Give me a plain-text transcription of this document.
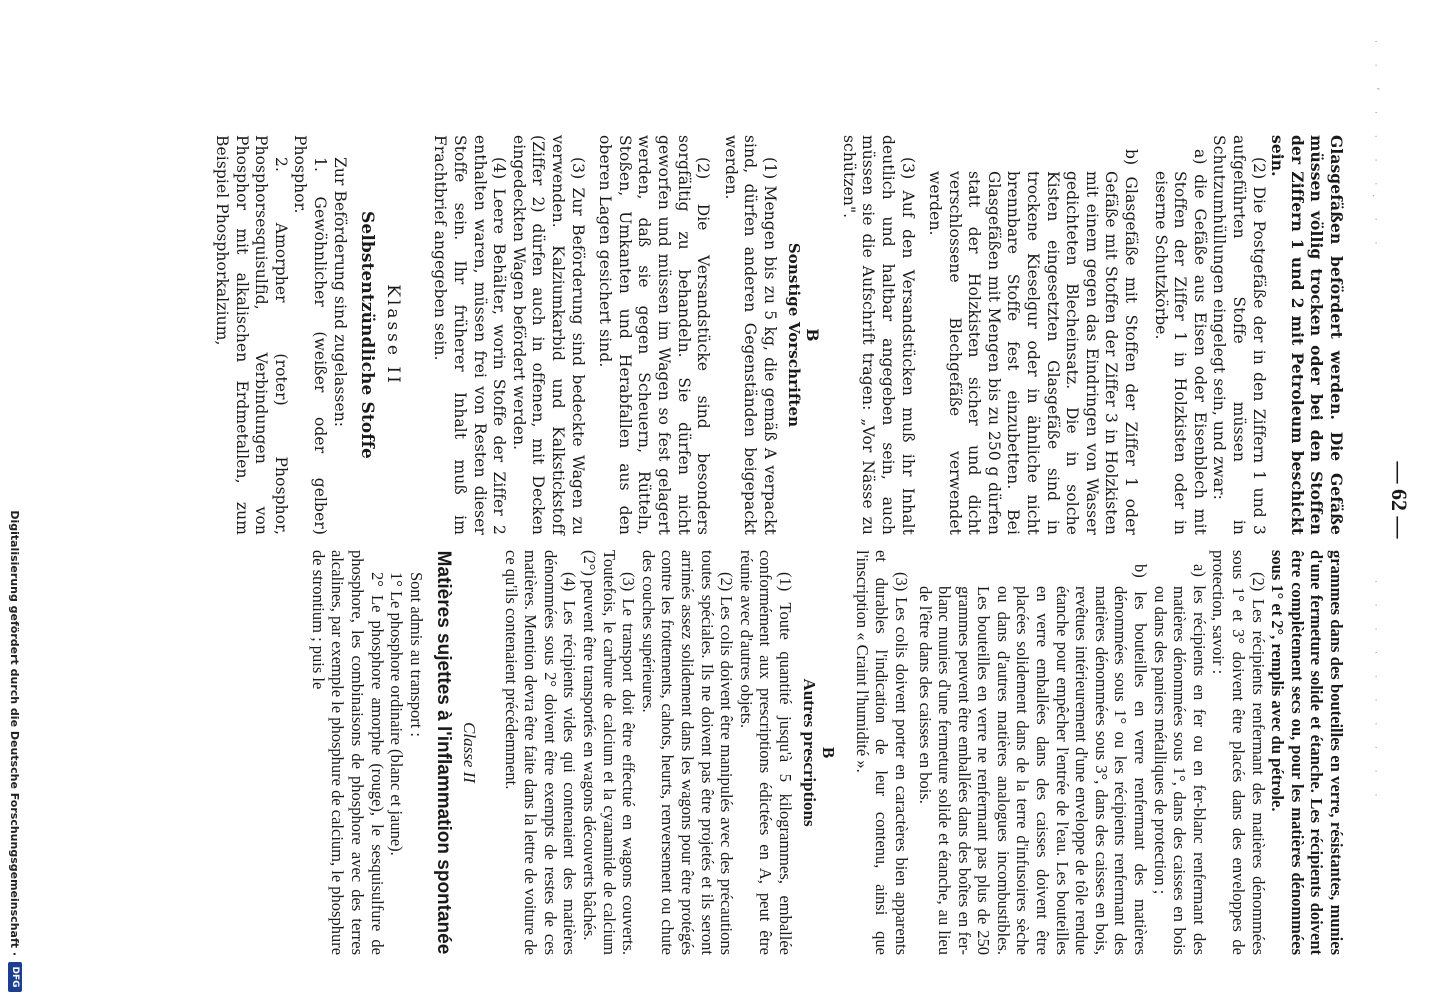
· · ‘ · · · ·. · ·
· · · · · · · · · ·
— 62 —

Glasgefäßen befördert werden. Die Gefäße müssen völlig trocken oder bei den Stoffen der Ziffern 1 und 2 mit Petroleum beschickt sein.

(2) Die Postgefäße der in den Ziffern 1 und 3 aufgeführten Stoffe müssen in Schutzumhüllungen eingelegt sein, und zwar:

a) die Gefäße aus Eisen oder Eisenblech mit Stoffen der Ziffer 1 in Holzkisten oder in eiserne Schutzkörbe.

b) Glasgefäße mit Stoffen der Ziffer 1 oder Gefäße mit Stoffen der Ziffer 3 in Holzkisten mit einem gegen das Eindringen von Wasser gedichteten Blecheinsatz. Die in solche Kisten eingesetzten Glasgefäße sind in trockene Kieselgur oder in ähnliche nicht brennbare Stoffe fest einzubetten. Bei Glasgefäßen mit Mengen bis zu 250 g dürfen statt der Holzkisten sicher und dicht verschlossene Blechgefäße verwendet werden.

(3) Auf den Versandstücken muß ihr Inhalt deutlich und haltbar angegeben sein, auch müssen sie die Aufschrift tragen: „Vor Nässe zu schützen".

B
Sonstige Vorschriften

(1) Mengen bis zu 5 kg, die gemäß A verpackt sind, dürfen anderen Gegenständen beigepackt werden.

(2) Die Versandstücke sind besonders sorgfältig zu behandeln. Sie dürfen nicht geworfen und müssen im Wagen so fest gelagert werden, daß sie gegen Scheuern, Rütteln, Stoßen, Umkanten und Herabfallen aus den oberen Lagen gesichert sind.

(3) Zur Beförderung sind bedeckte Wagen zu verwenden. Kalziumkarbid und Kalkstickstoff (Ziffer 2) dürfen auch in offenen, mit Decken eingedeckten Wagen befördert werden.

(4) Leere Behälter, worin Stoffe der Ziffer 2 enthalten waren, müssen frei von Resten dieser Stoffe sein. Ihr früherer Inhalt muß im Frachtbrief angegeben sein.

Klasse II
Selbstentzündliche Stoffe

Zur Beförderung sind zugelassen:

1. Gewöhnlicher (weißer oder gelber) Phosphor.

2. Amorpher (roter) Phosphor, Phosphorsesquisulfid, Verbindungen von Phosphor mit alkalischen Erdmetallen, zum Beispiel Phosphorkalzium,

grammes dans des bouteilles en verre, résistantes, munies d'une fermeture solide et étanche. Les récipients doivent être complètement secs ou, pour les matières dénommées sous 1° et 2°, remplis avec du pétrole.

(2) Les récipients renfermant des matières dénommées sous 1° et 3° doivent être placés dans des enveloppes de protection, savoir :

a) les récipients en fer ou en fer-blanc renfermant des matières dénommées sous 1°, dans des caisses en bois ou dans des paniers métalliques de protection ;

b) les bouteilles en verre renfermant des matières dénommées sous 1° ou les récipients renfermant des matières dénommées sous 3°, dans des caisses en bois, revêtues intérieurement d'une enveloppe de tôle rendue étanche pour empêcher l'entrée de l'eau. Les bouteilles en verre emballées dans des caisses doivent être placées solidement dans de la terre d'infusoires sèche ou dans d'autres matières analogues incombustibles. Les bouteilles en verre ne renfermant pas plus de 250 grammes peuvent être emballées dans des boîtes en fer-blanc munies d'une fermeture solide et étanche, au lieu de l'être dans des caisses en bois.

(3) Les colis doivent porter en caractères bien apparents et durables l'indication de leur contenu, ainsi que l'inscription « Craint l'humidité ».

B
Autres prescriptions

(1) Toute quantité jusqu'à 5 kilogrammes, emballée conformément aux prescriptions édictées en A, peut être réunie avec d'autres objets.

(2) Les colis doivent être manipulés avec des précautions toutes spéciales. Ils ne doivent pas être projetés et ils seront arrimés assez solidement dans les wagons pour être protégés contre les frottements, cahots, heurts, renversement ou chute des couches supérieures.

(3) Le transport doit être effectué en wagons couverts. Toutefois, le carbure de calcium et la cyanamide de calcium (2°) peuvent être transportés en wagons découverts bâchés.

(4) Les récipients vides qui contenaient des matières dénommées sous 2° doivent être exempts de restes de ces matières. Mention devra être faite dans la lettre de voiture de ce qu'ils contenaient précédemment.

Classe II
Matières sujettes à l'inflammation spontanée

Sont admis au transport :

1° Le phosphore ordinaire (blanc et jaune).

2° Le phosphore amorphe (rouge), le sesquisulfure de phosphore, les combinaisons de phosphore avec des terres alcalines, par exemple le phosphure de calcium, le phosphure de strontium ; puis le

Digitalisierung gefördert durch die Deutsche Forschungsgemeinschaft ·
DFG
